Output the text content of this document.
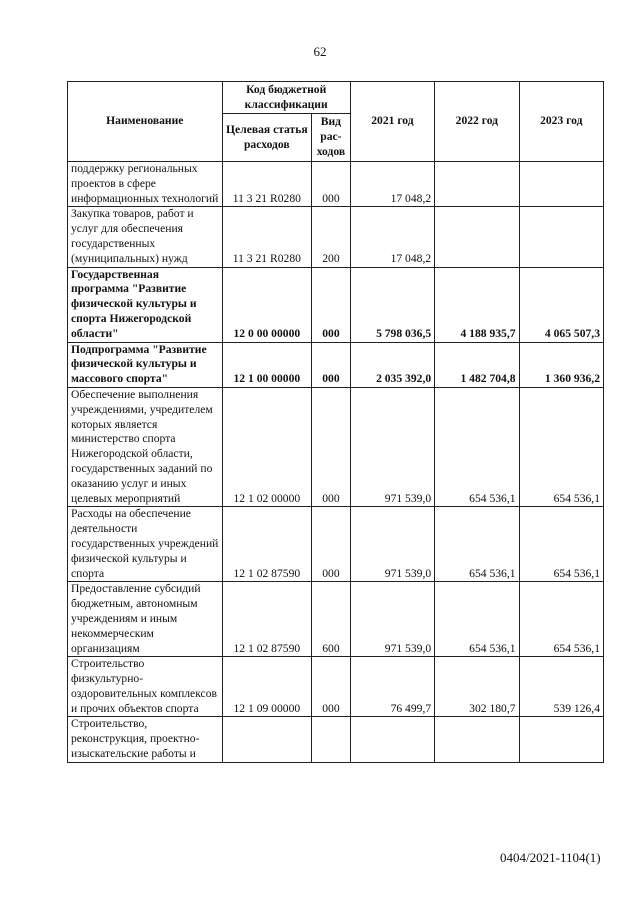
62
Наименование	Код бюджетной классификации		2021 год	2022 год	2023 год
	Целевая статья расходов	Вид рас-ходов			
поддержку региональных проектов в сфере информационных технологий	11 3 21 R0280	000	17 048,2		
Закупка товаров, работ и услуг для обеспечения государственных (муниципальных) нужд	11 3 21 R0280	200	17 048,2		
Государственная программа "Развитие физической культуры и спорта Нижегородской области"	12 0 00 00000	000	5 798 036,5	4 188 935,7	4 065 507,3
Подпрограмма "Развитие физической культуры и массового спорта"	12 1 00 00000	000	2 035 392,0	1 482 704,8	1 360 936,2
Обеспечение выполнения учреждениями, учредителем которых является министерство спорта Нижегородской области, государственных заданий по оказанию услуг и иных целевых мероприятий	12 1 02 00000	000	971 539,0	654 536,1	654 536,1
Расходы на обеспечение деятельности государственных учреждений физической культуры и спорта	12 1 02 87590	000	971 539,0	654 536,1	654 536,1
Предоставление субсидий бюджетным, автономным учреждениям и иным некоммерческим организациям	12 1 02 87590	600	971 539,0	654 536,1	654 536,1
Строительство физкультурно-оздоровительных комплексов и прочих объектов спорта	12 1 09 00000	000	76 499,7	302 180,7	539 126,4
Строительство, реконструкция, проектно-изыскательские работы и					
0404/2021-1104(1)
